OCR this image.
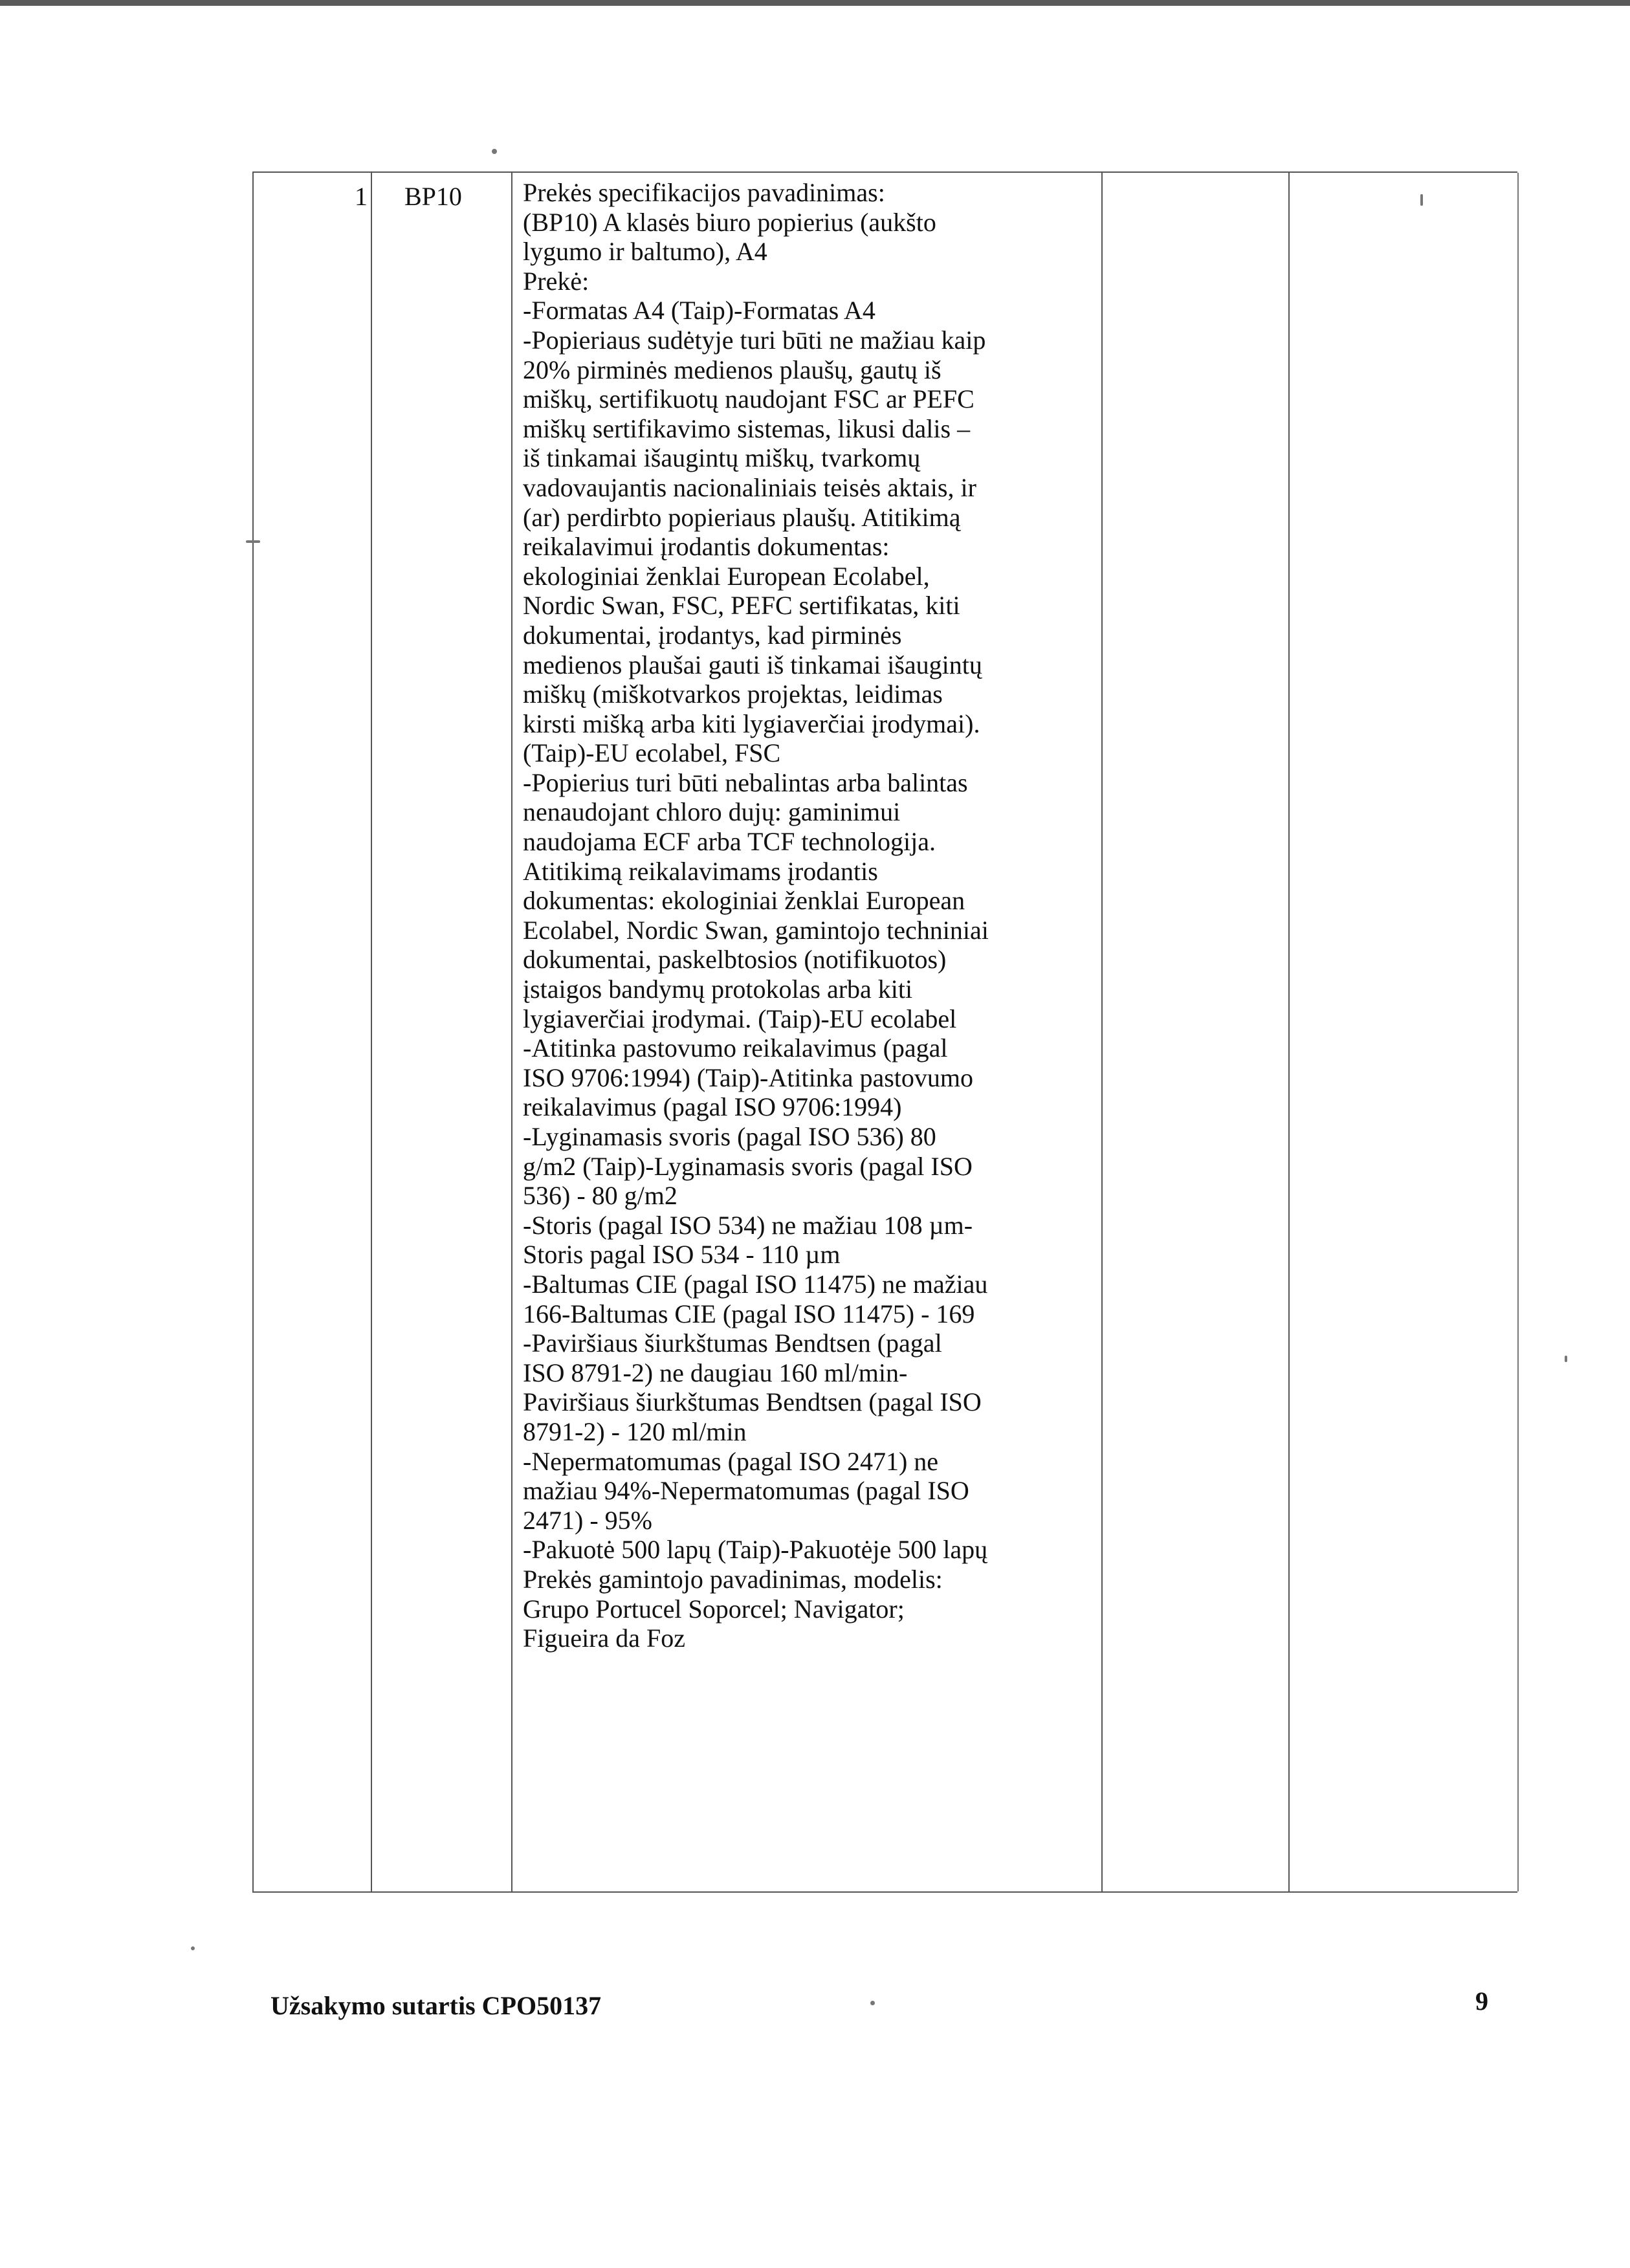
1	BP10	Prekės specifikacijos pavadinimas:
(BP10) A klasės biuro popierius (aukšto
lygumo ir baltumo), A4
Prekė:
-Formatas A4 (Taip)-Formatas A4
-Popieriaus sudėtyje turi būti ne mažiau kaip
20% pirminės medienos plaušų, gautų iš
miškų, sertifikuotų naudojant FSC ar PEFC
miškų sertifikavimo sistemas, likusi dalis –
iš tinkamai išaugintų miškų, tvarkomų
vadovaujantis nacionaliniais teisės aktais, ir
(ar) perdirbto popieriaus plaušų. Atitikimą
reikalavimui įrodantis dokumentas:
ekologiniai ženklai European Ecolabel,
Nordic Swan, FSC, PEFC sertifikatas, kiti
dokumentai, įrodantys, kad pirminės
medienos plaušai gauti iš tinkamai išaugintų
miškų (miškotvarkos projektas, leidimas
kirsti mišką arba kiti lygiaverčiai įrodymai).
(Taip)-EU ecolabel, FSC
-Popierius turi būti nebalintas arba balintas
nenaudojant chloro dujų: gaminimui
naudojama ECF arba TCF technologija.
Atitikimą reikalavimams įrodantis
dokumentas: ekologiniai ženklai European
Ecolabel, Nordic Swan, gamintojo techniniai
dokumentai, paskelbtosios (notifikuotos)
įstaigos bandymų protokolas arba kiti
lygiaverčiai įrodymai. (Taip)-EU ecolabel
-Atitinka pastovumo reikalavimus (pagal
ISO 9706:1994) (Taip)-Atitinka pastovumo
reikalavimus (pagal ISO 9706:1994)
-Lyginamasis svoris (pagal ISO 536) 80
g/m2 (Taip)-Lyginamasis svoris (pagal ISO
536) - 80 g/m2
-Storis (pagal ISO 534) ne mažiau 108 µm-
Storis pagal ISO 534 - 110 µm
-Baltumas CIE (pagal ISO 11475) ne mažiau
166-Baltumas CIE (pagal ISO 11475) - 169
-Paviršiaus šiurkštumas Bendtsen (pagal
ISO 8791-2) ne daugiau 160 ml/min-
Paviršiaus šiurkštumas Bendtsen (pagal ISO
8791-2) - 120 ml/min
-Nepermatomumas (pagal ISO 2471) ne
mažiau 94%-Nepermatomumas (pagal ISO
2471) - 95%
-Pakuotė 500 lapų (Taip)-Pakuotėje 500 lapų
Prekės gamintojo pavadinimas, modelis:
Grupo Portucel Soporcel; Navigator;
Figueira da Foz
Užsakymo sutartis CPO50137	9
